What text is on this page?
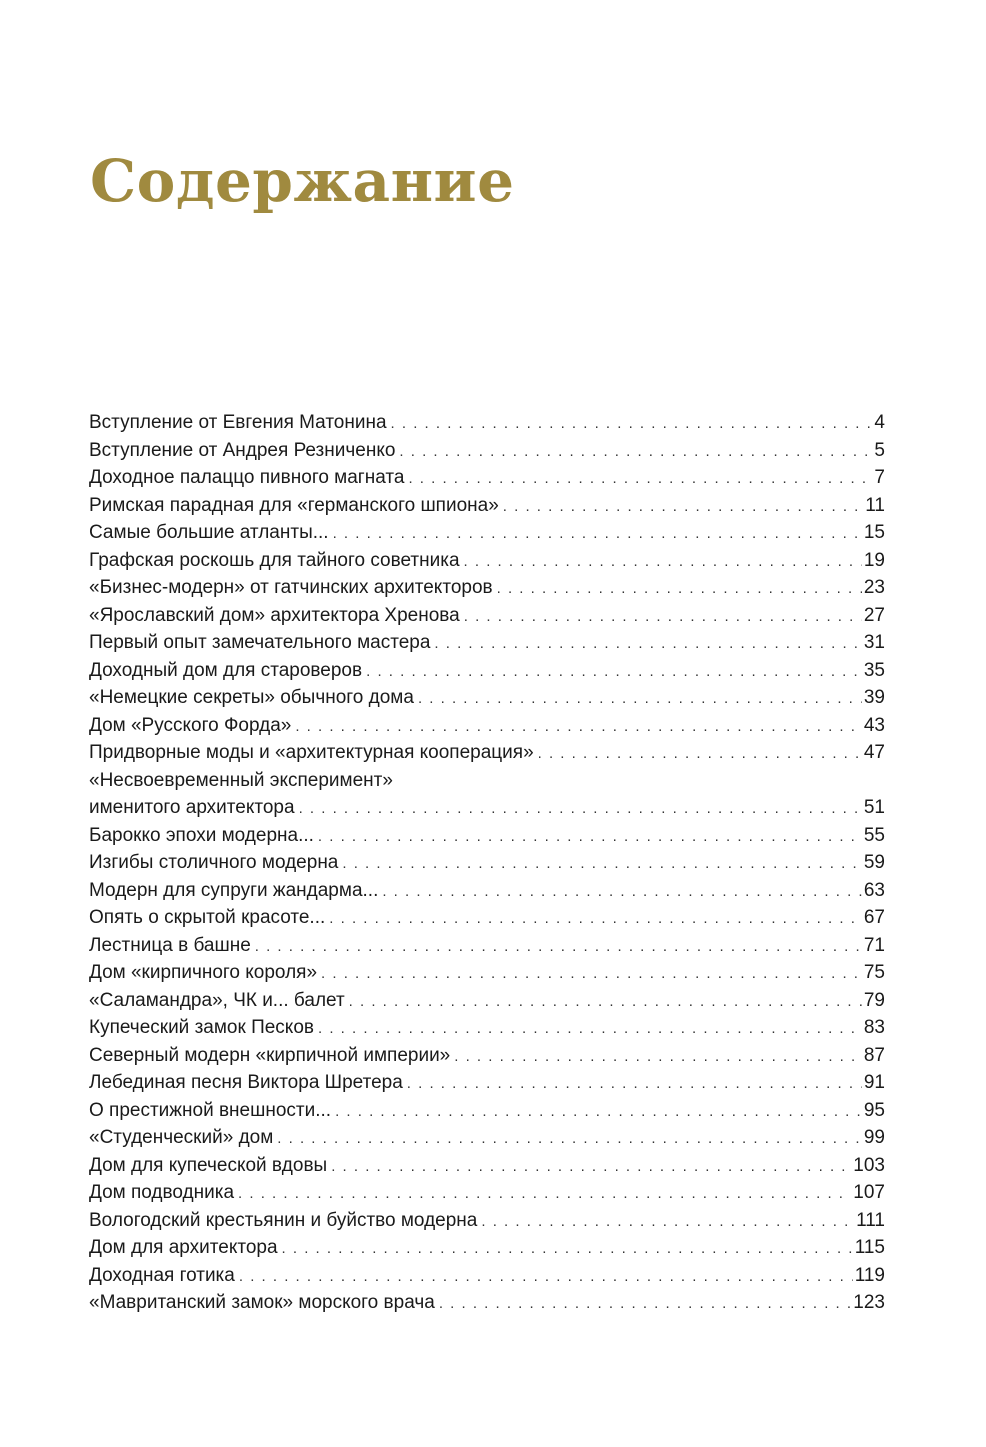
Содержание
Вступление от Евгения Матонина . . .	4
Вступление от Андрея Резниченко . . .	5
Доходное палаццо пивного магната . . .	7
Римская парадная для «германского шпиона» . . .	11
Самые большие атланты... . . .	15
Графская роскошь для тайного советника . . .	19
«Бизнес-модерн» от гатчинских архитекторов . . .	23
«Ярославский дом» архитектора Хренова . . .	27
Первый опыт замечательного мастера . . .	31
Доходный дом для староверов . . .	35
«Немецкие секреты» обычного дома . . .	39
Дом «Русского Форда» . . .	43
Придворные моды и «архитектурная кооперация» . . .	47
«Несвоевременный эксперимент»
именитого архитектора . . .	51
Барокко эпохи модерна... . . .	55
Изгибы столичного модерна . . .	59
Модерн для супруги жандарма... . . .	63
Опять о скрытой красоте... . . .	67
Лестница в башне . . .	71
Дом «кирпичного короля» . . .	75
«Саламандра», ЧК и... балет . . .	79
Купеческий замок Песков . . .	83
Северный модерн «кирпичной империи» . . .	87
Лебединая песня Виктора Шретера . . .	91
О престижной внешности... . . .	95
«Студенческий» дом . . .	99
Дом для купеческой вдовы . . .	103
Дом подводника . . .	107
Вологодский крестьянин и буйство модерна . . .	111
Дом для архитектора . . .	115
Доходная готика . . .	119
«Мавританский замок» морского врача . . .	123
